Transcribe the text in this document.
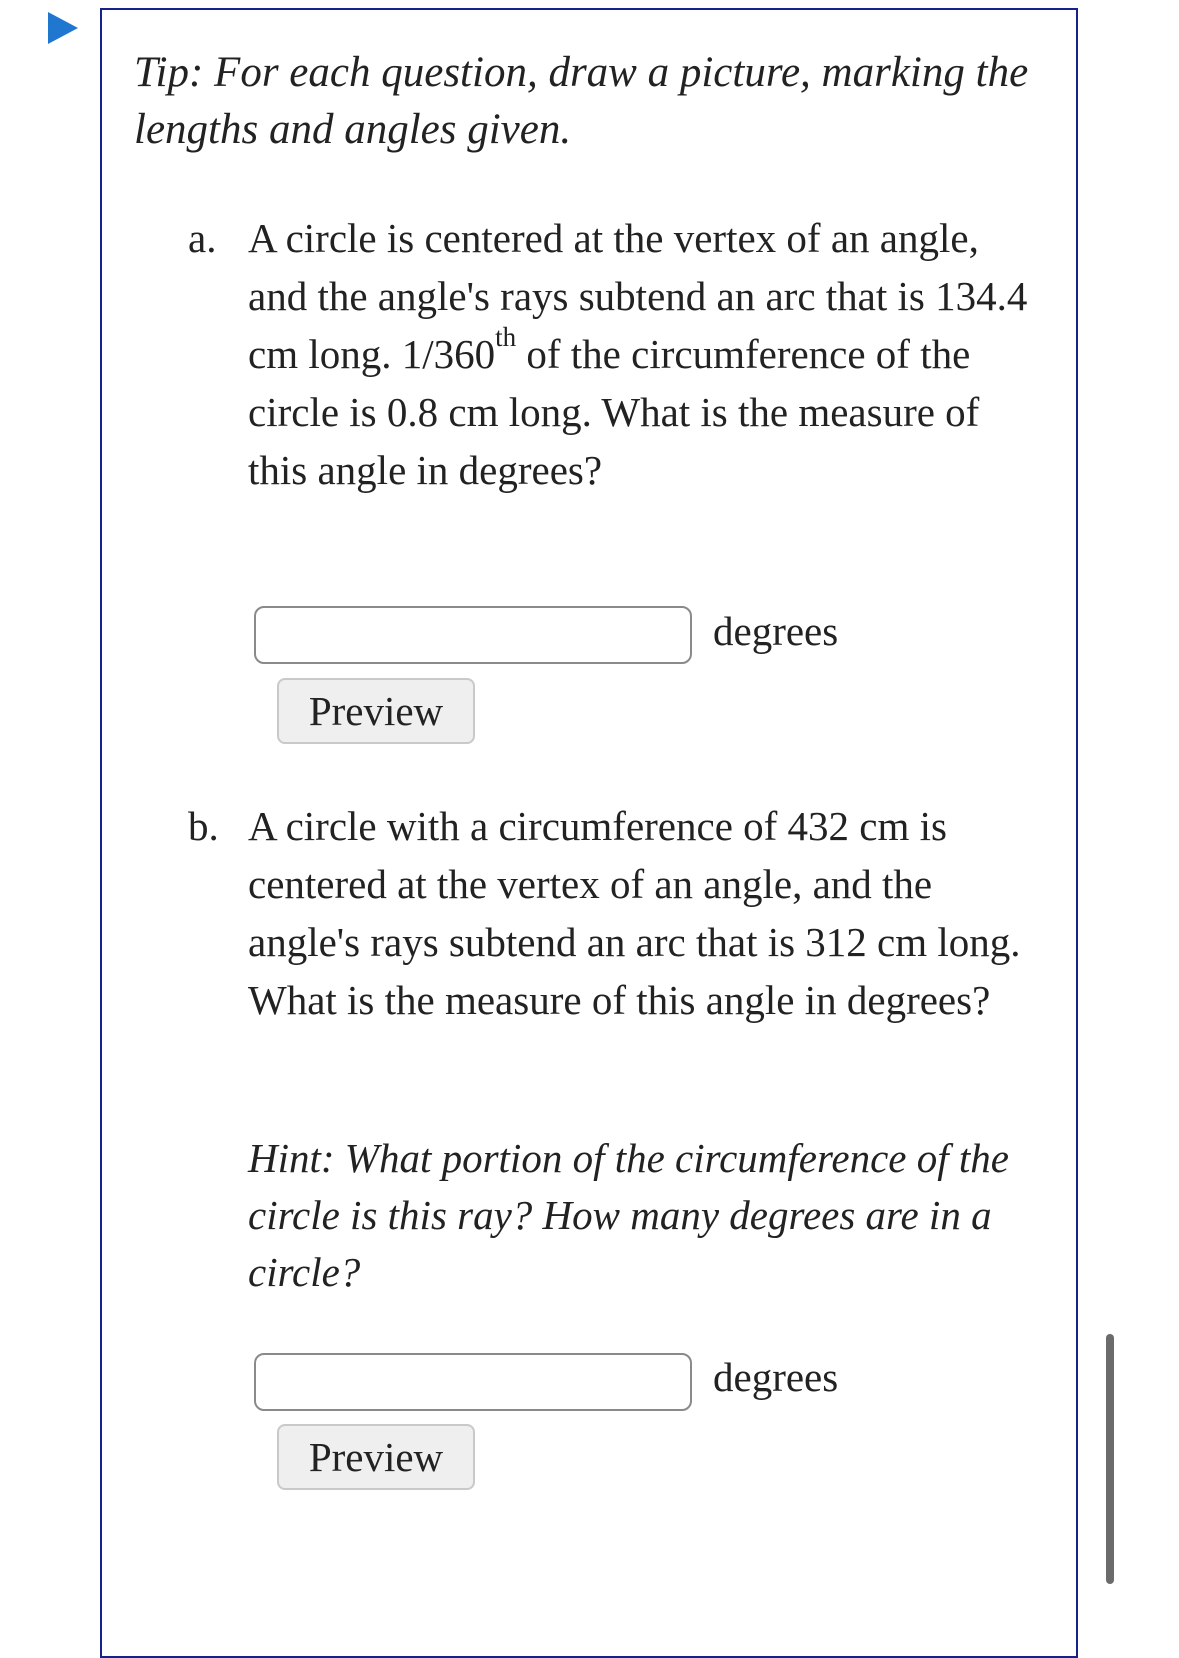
Tip: For each question, draw a picture, marking the lengths and angles given.

a. A circle is centered at the vertex of an angle, and the angle's rays subtend an arc that is 134.4 cm long. 1/360th of the circumference of the circle is 0.8 cm long. What is the measure of this angle in degrees?

degrees
Preview
b. A circle with a circumference of 432 cm is centered at the vertex of an angle, and the angle's rays subtend an arc that is 312 cm long. What is the measure of this angle in degrees?

Hint: What portion of the circumference of the circle is this ray? How many degrees are in a circle?

degrees
Preview
